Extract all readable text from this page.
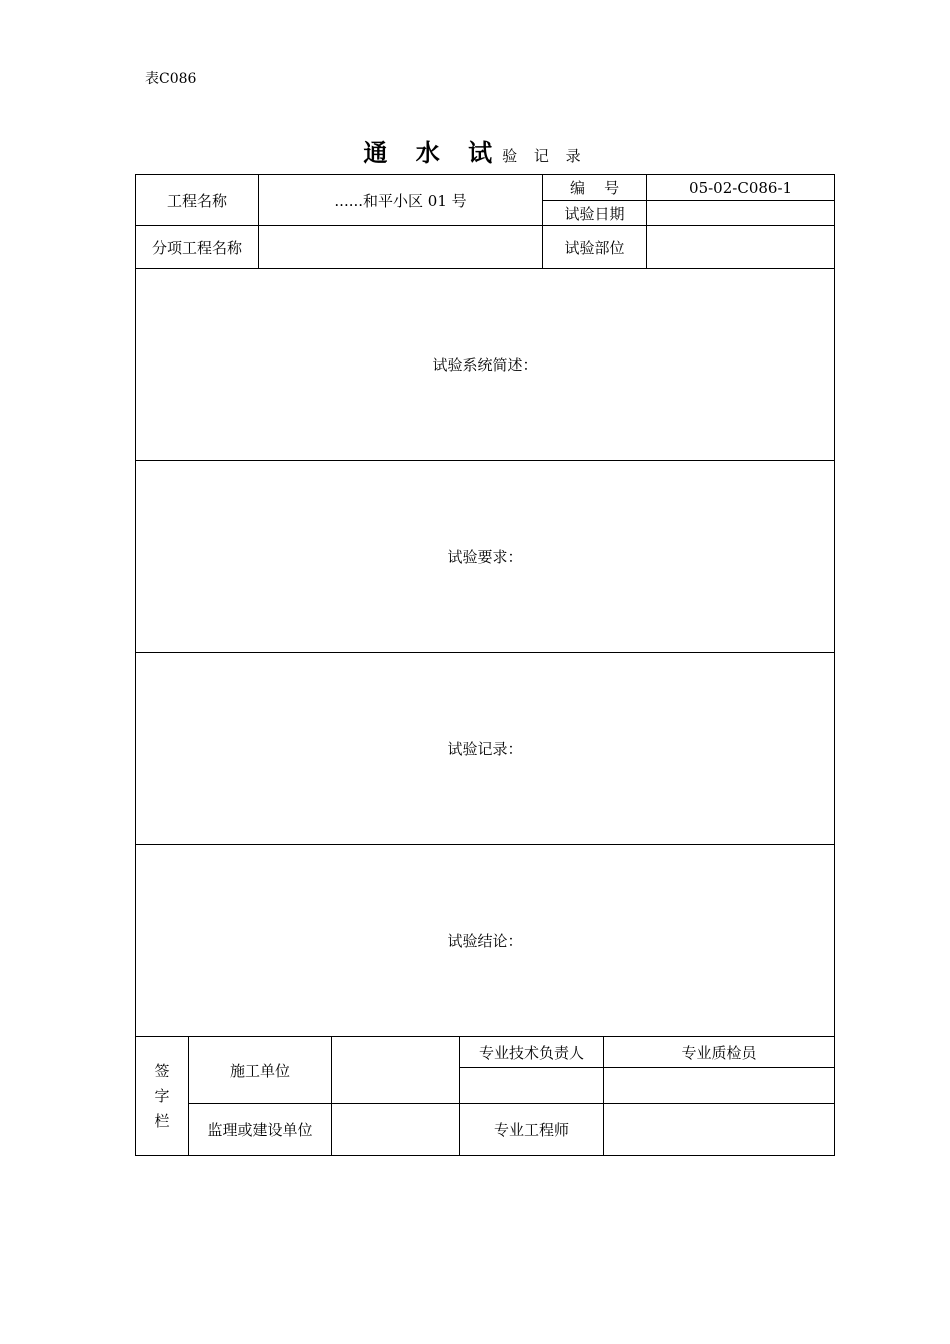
表C086
通 水 试验 记 录
工程名称		......和平小区 01 号			编    号		05-02-C086-1
					试验日期		
分项工程名称					试验部位		
试验系统简述：							
试验要求：							
试验记录：							
试验结论：							

签
字
栏	施工单位			专业技术负责人		专业质检员	

	监理或建设单位			专业工程师			
